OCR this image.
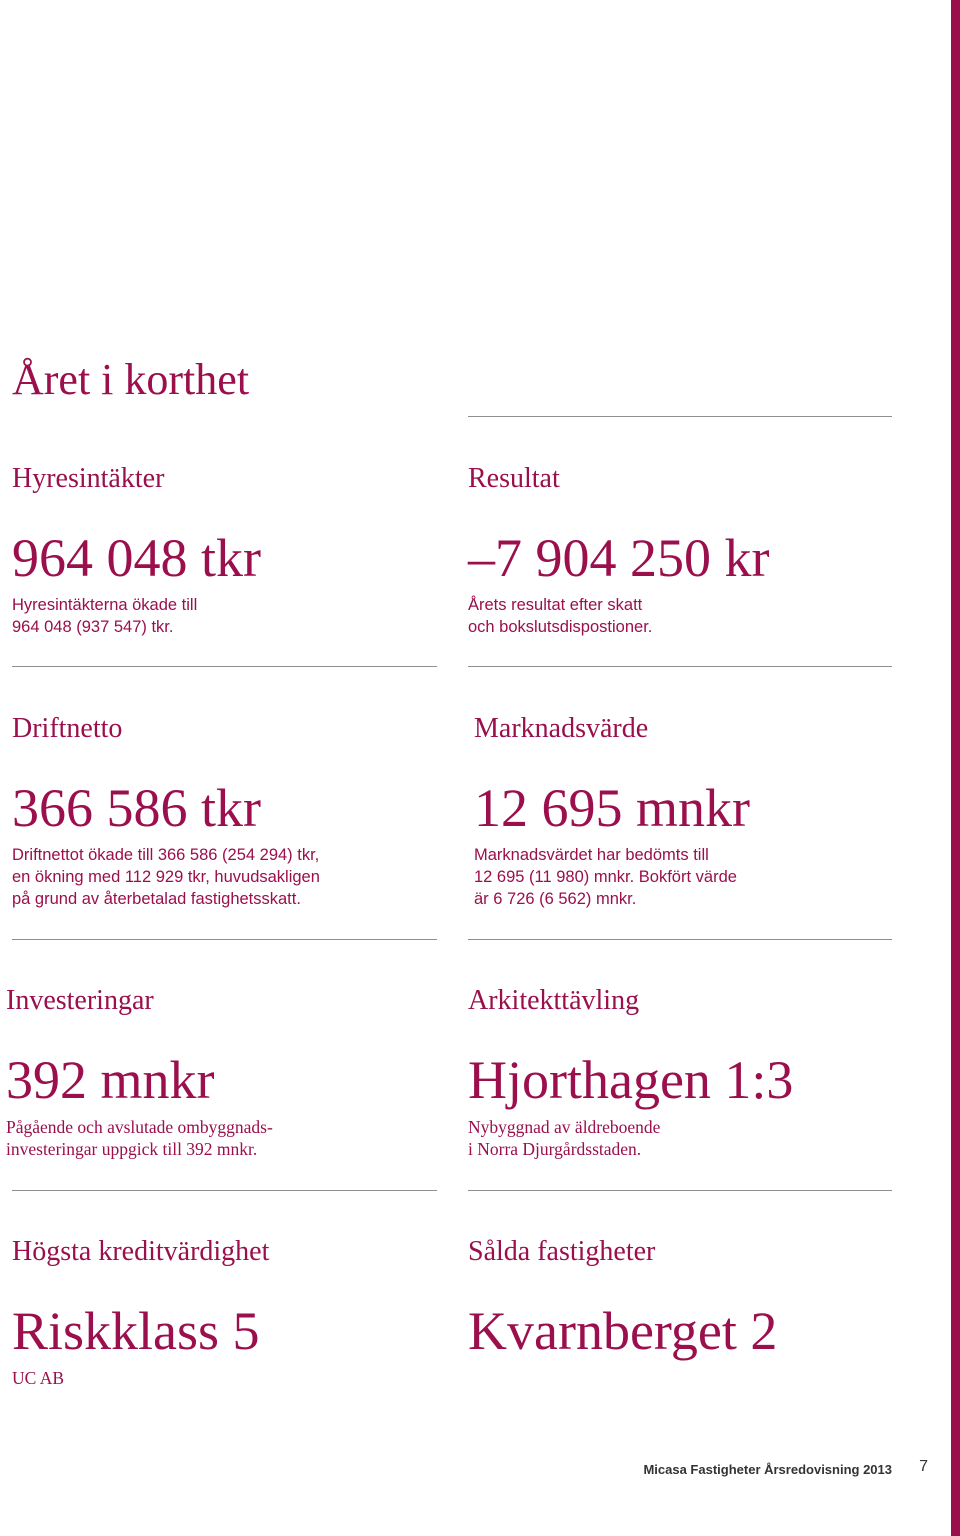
Året i korthet
Hyresintäkter
964 048 tkr
Hyresintäkterna ökade till
964 048 (937 547) tkr.
Resultat
–7 904 250 kr
Årets resultat efter skatt
och bokslutsdispostioner.
Driftnetto
366 586 tkr
Driftnettot ökade till 366 586 (254 294) tkr,
en ökning med 112 929 tkr, huvudsakligen
på grund av återbetalad fastighetsskatt.
Marknadsvärde
12 695 mnkr
Marknadsvärdet har bedömts till
12 695 (11 980) mnkr. Bokfört värde
är 6 726 (6 562) mnkr.
Investeringar
392 mnkr
Pågående och avslutade ombyggnads-
investeringar uppgick till 392 mnkr.
Arkitekttävling
Hjorthagen 1:3
Nybyggnad av äldreboende
i Norra Djurgårdsstaden.
Högsta kreditvärdighet
Riskklass 5
UC AB
Sålda fastigheter
Kvarnberget 2
Micasa Fastigheter Årsredovisning 2013 7
